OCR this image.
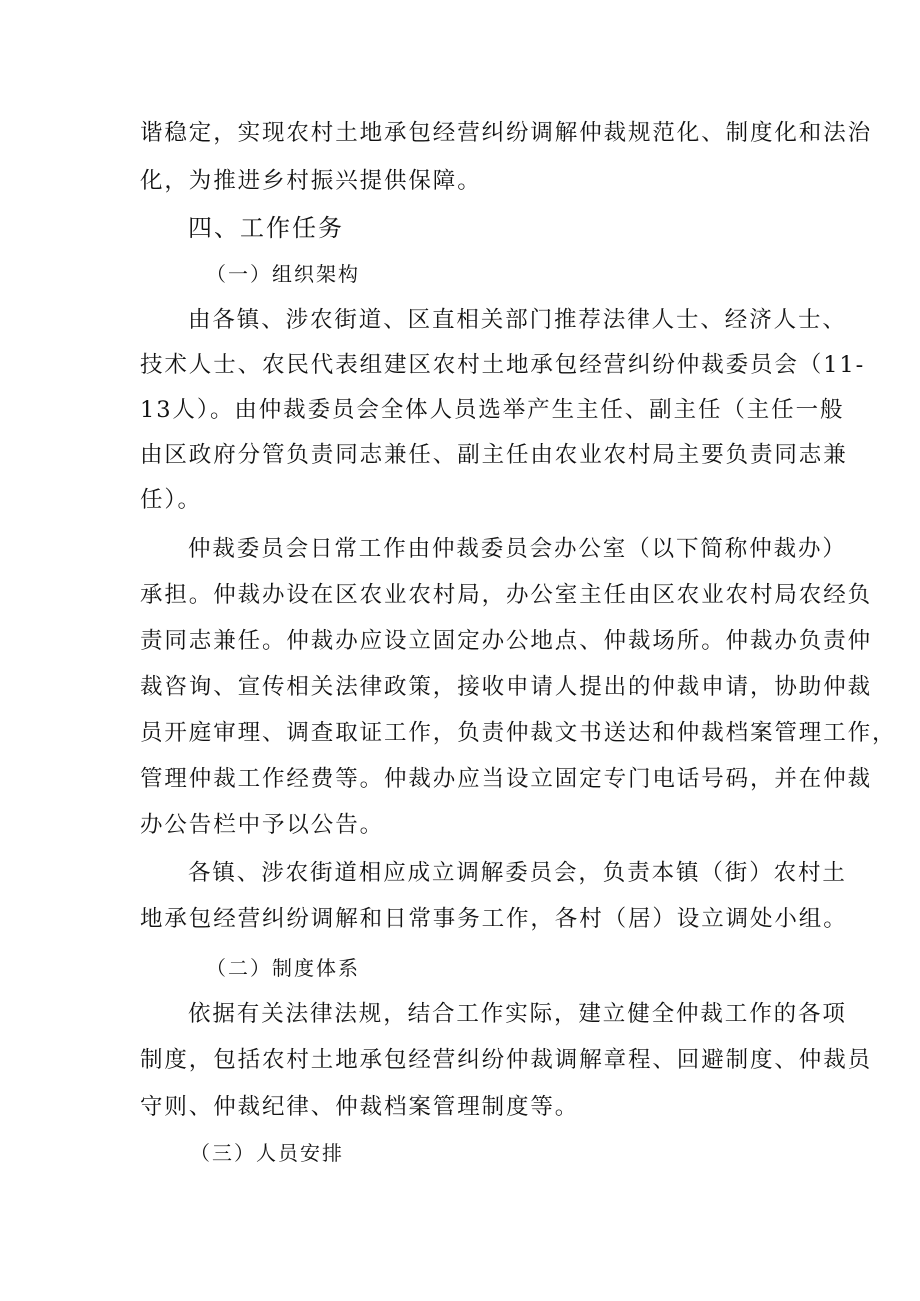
谐稳定，实现农村土地承包经营纠纷调解仲裁规范化、制度化和法治
化，为推进乡村振兴提供保障。
四、工作任务
（一）组织架构
由各镇、涉农街道、区直相关部门推荐法律人士、经济人士、
技术人士、农民代表组建区农村土地承包经营纠纷仲裁委员会（11-
13人）。由仲裁委员会全体人员选举产生主任、副主任（主任一般
由区政府分管负责同志兼任、副主任由农业农村局主要负责同志兼
任）。
仲裁委员会日常工作由仲裁委员会办公室（以下简称仲裁办）
承担。仲裁办设在区农业农村局，办公室主任由区农业农村局农经负
责同志兼任。仲裁办应设立固定办公地点、仲裁场所。仲裁办负责仲
裁咨询、宣传相关法律政策，接收申请人提出的仲裁申请，协助仲裁
员开庭审理、调查取证工作，负责仲裁文书送达和仲裁档案管理工作，
管理仲裁工作经费等。仲裁办应当设立固定专门电话号码，并在仲裁
办公告栏中予以公告。
各镇、涉农街道相应成立调解委员会，负责本镇（街）农村土
地承包经营纠纷调解和日常事务工作，各村（居）设立调处小组。
（二）制度体系
依据有关法律法规，结合工作实际，建立健全仲裁工作的各项
制度，包括农村土地承包经营纠纷仲裁调解章程、回避制度、仲裁员
守则、仲裁纪律、仲裁档案管理制度等。
（三）人员安排
